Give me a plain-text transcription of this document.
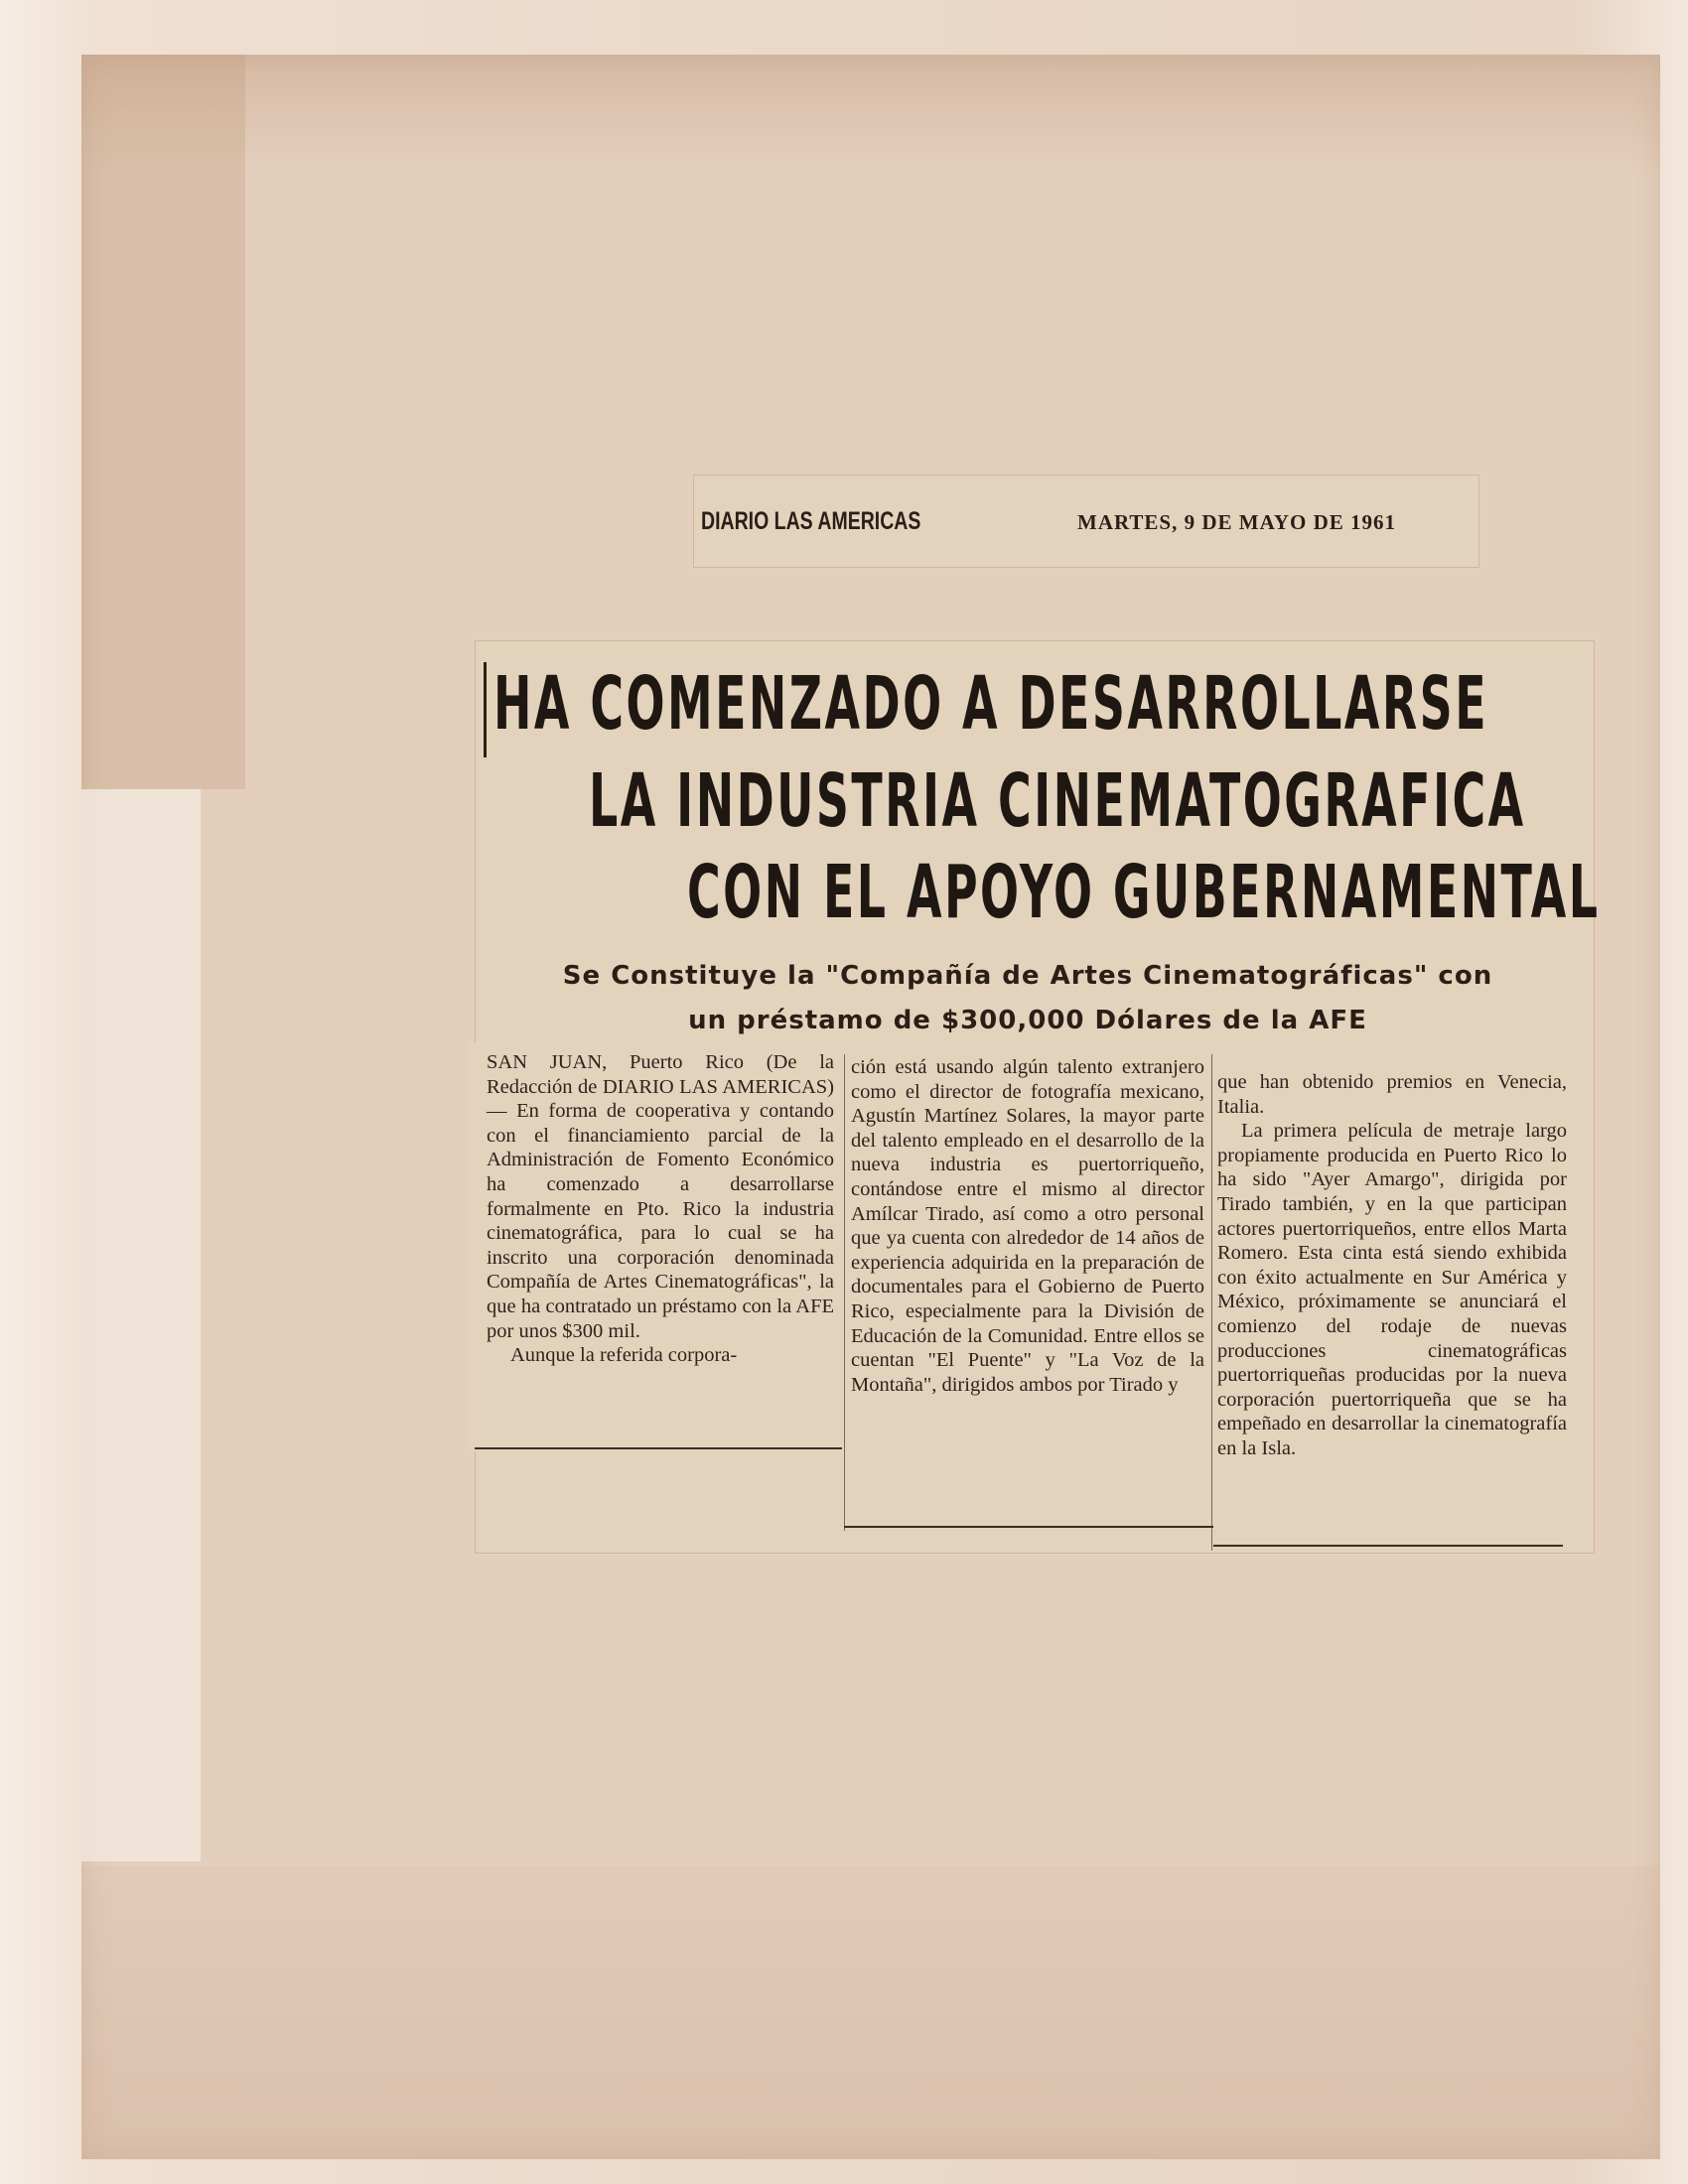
DIARIO LAS AMERICAS	MARTES, 9 DE MAYO DE 1961
HA COMENZADO A DESARROLLARSE
LA INDUSTRIA CINEMATOGRAFICA
CON EL APOYO GUBERNAMENTAL
Se Constituye la "Compañía de Artes Cinematográficas" con
un préstamo de $300,000 Dólares de la AFE

SAN JUAN, Puerto Rico (De la Redacción de DIARIO LAS AMERICAS)— En forma de cooperativa y contando con el financiamiento parcial de la Administración de Fomento Económico ha comenzado a desarrollarse formalmente en Pto. Rico la industria cinematográfica, para lo cual se ha inscrito una corporación denominada Compañía de Artes Cinematográficas", la que ha contratado un préstamo con la AFE por unos $300 mil.

Aunque la referida corpora-

ción está usando algún talento extranjero como el director de fotografía mexicano, Agustín Martínez Solares, la mayor parte del talento empleado en el desarrollo de la nueva industria es puertorriqueño, contándose entre el mismo al director Amílcar Tirado, así como a otro personal que ya cuenta con alrededor de 14 años de experiencia adquirida en la preparación de documentales para el Gobierno de Puerto Rico, especialmente para la División de Educación de la Comunidad. Entre ellos se cuentan "El Puente" y "La Voz de la Montaña", dirigidos ambos por Tirado y

que han obtenido premios en Venecia, Italia.

La primera película de metraje largo propiamente producida en Puerto Rico lo ha sido "Ayer Amargo", dirigida por Tirado también, y en la que participan actores puertorriqueños, entre ellos Marta Romero. Esta cinta está siendo exhibida con éxito actualmente en Sur América y México, próximamente se anunciará el comienzo del rodaje de nuevas producciones cinematográficas puertorriqueñas producidas por la nueva corporación puertorriqueña que se ha empeñado en desarrollar la cinematografía en la Isla.
